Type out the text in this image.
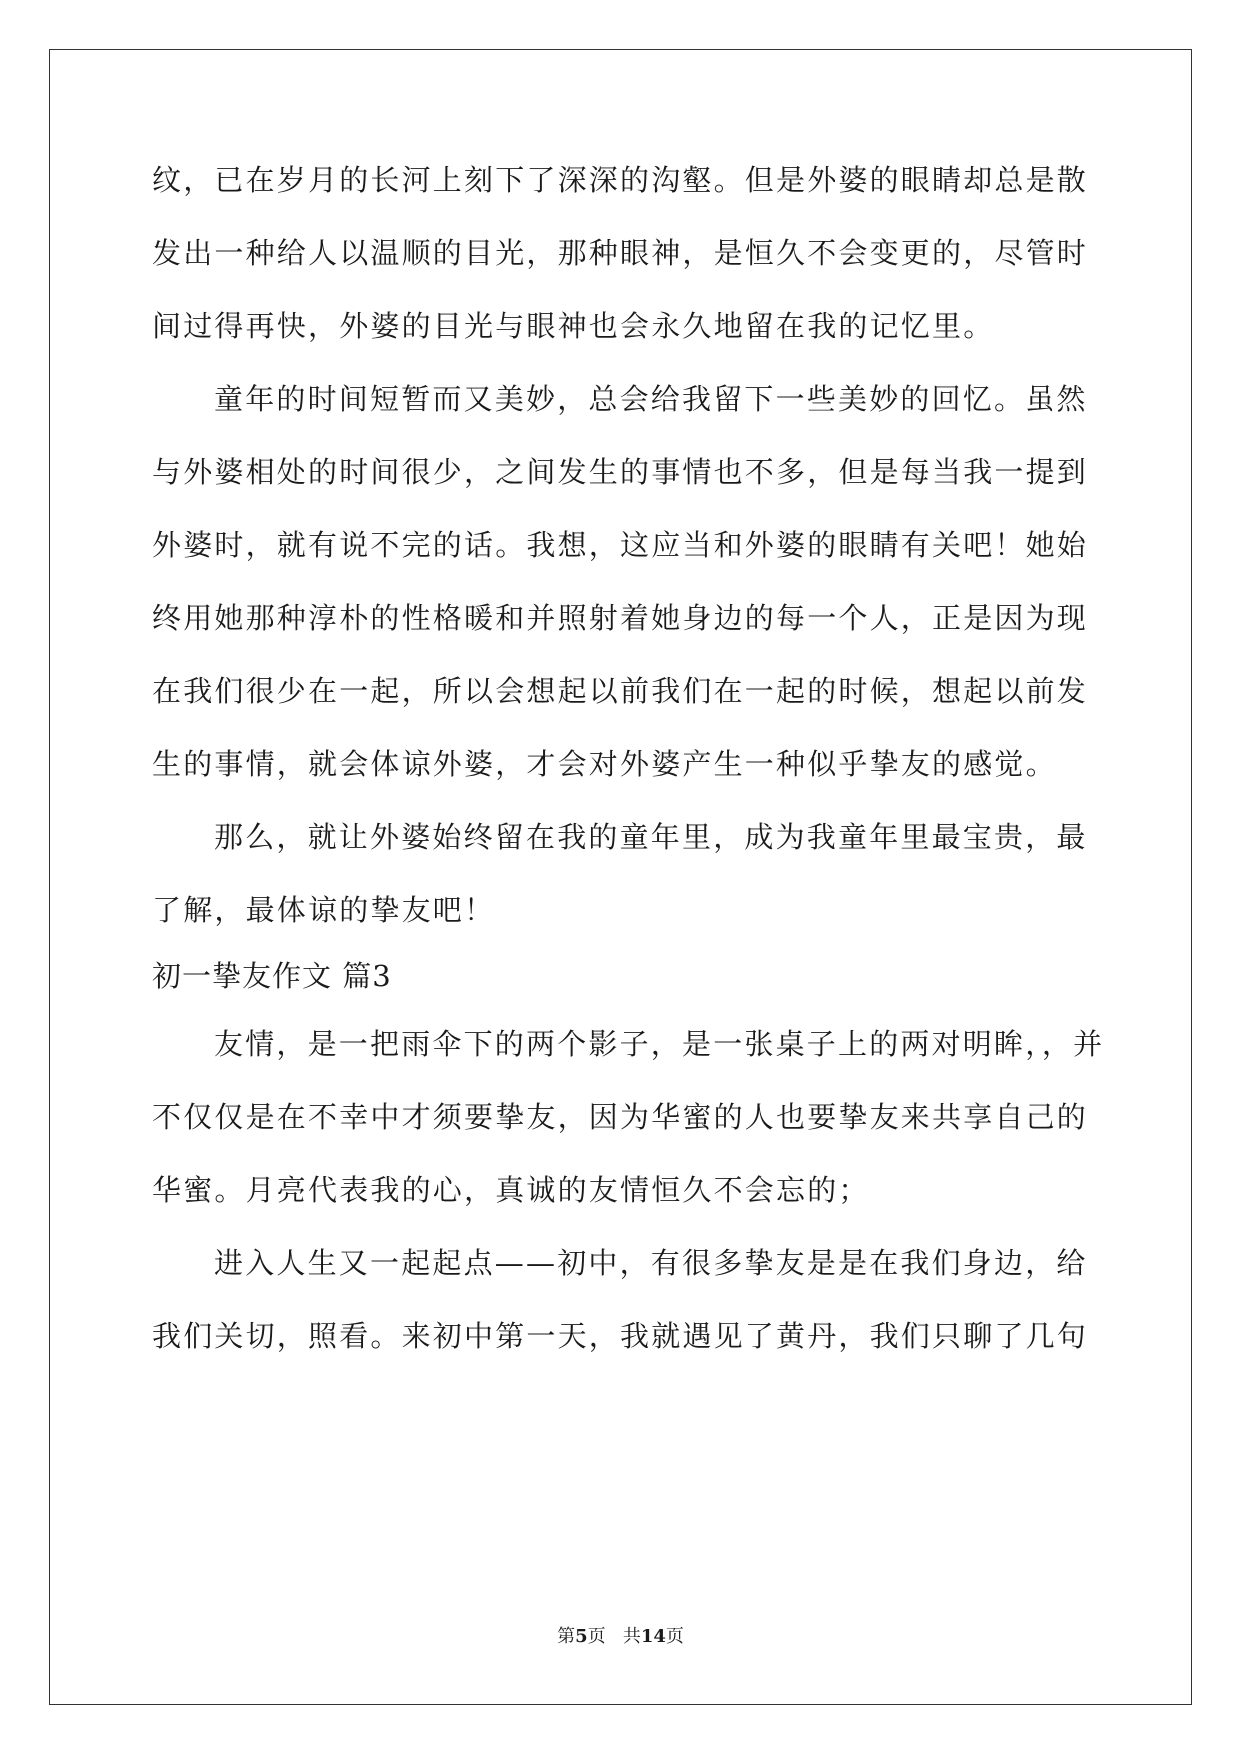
纹，已在岁月的长河上刻下了深深的沟壑。但是外婆的眼睛却总是散
发出一种给人以温顺的目光，那种眼神，是恒久不会变更的，尽管时
间过得再快，外婆的目光与眼神也会永久地留在我的记忆里。
童年的时间短暂而又美妙，总会给我留下一些美妙的回忆。虽然
与外婆相处的时间很少，之间发生的事情也不多，但是每当我一提到
外婆时，就有说不完的话。我想，这应当和外婆的眼睛有关吧！她始
终用她那种淳朴的性格暖和并照射着她身边的每一个人，正是因为现
在我们很少在一起，所以会想起以前我们在一起的时候，想起以前发
生的事情，就会体谅外婆，才会对外婆产生一种似乎挚友的感觉。
那么，就让外婆始终留在我的童年里，成为我童年里最宝贵，最
了解，最体谅的挚友吧！
初一挚友作文 篇3
友情，是一把雨伞下的两个影子，是一张桌子上的两对明眸，，并
不仅仅是在不幸中才须要挚友，因为华蜜的人也要挚友来共享自己的
华蜜。月亮代表我的心，真诚的友情恒久不会忘的；
进入人生又一起起点——初中，有很多挚友是是在我们身边，给
我们关切，照看。来初中第一天，我就遇见了黄丹，我们只聊了几句
第5页 共14页
